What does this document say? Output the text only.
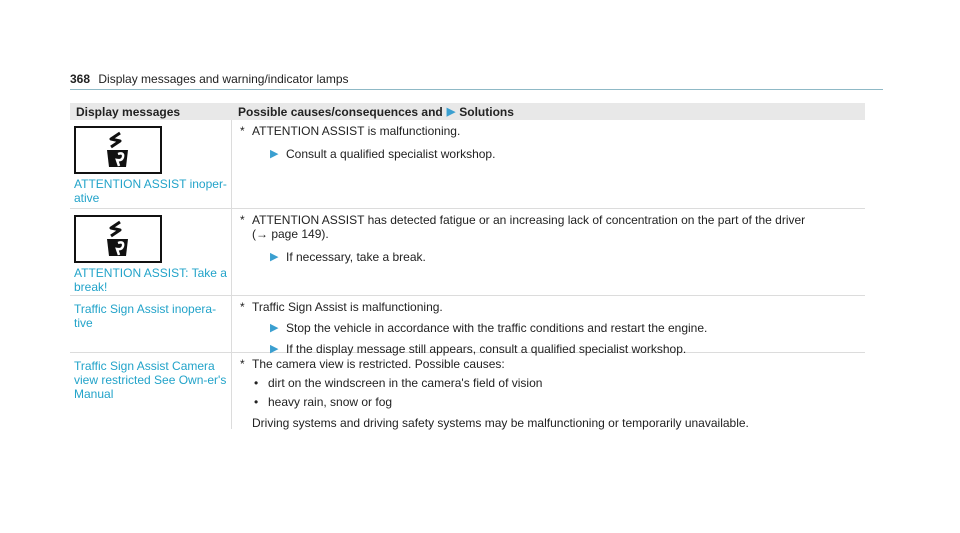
368 Display messages and warning/indicator lamps
Display messages	Possible causes/consequences and ▶ Solutions
ATTENTION ASSIST inoper-ative
* ATTENTION ASSIST is malfunctioning.
▶ Consult a qualified specialist workshop.
ATTENTION ASSIST: Take a break!
* ATTENTION ASSIST has detected fatigue or an increasing lack of concentration on the part of the driver
(→ page 149).
▶ If necessary, take a break.
Traffic Sign Assist inopera-tive
* Traffic Sign Assist is malfunctioning.
▶ Stop the vehicle in accordance with the traffic conditions and restart the engine.
▶ If the display message still appears, consult a qualified specialist workshop.
Traffic Sign Assist Camera view restricted See Own-er's Manual
* The camera view is restricted. Possible causes:
• dirt on the windscreen in the camera's field of vision
• heavy rain, snow or fog
Driving systems and driving safety systems may be malfunctioning or temporarily unavailable.
